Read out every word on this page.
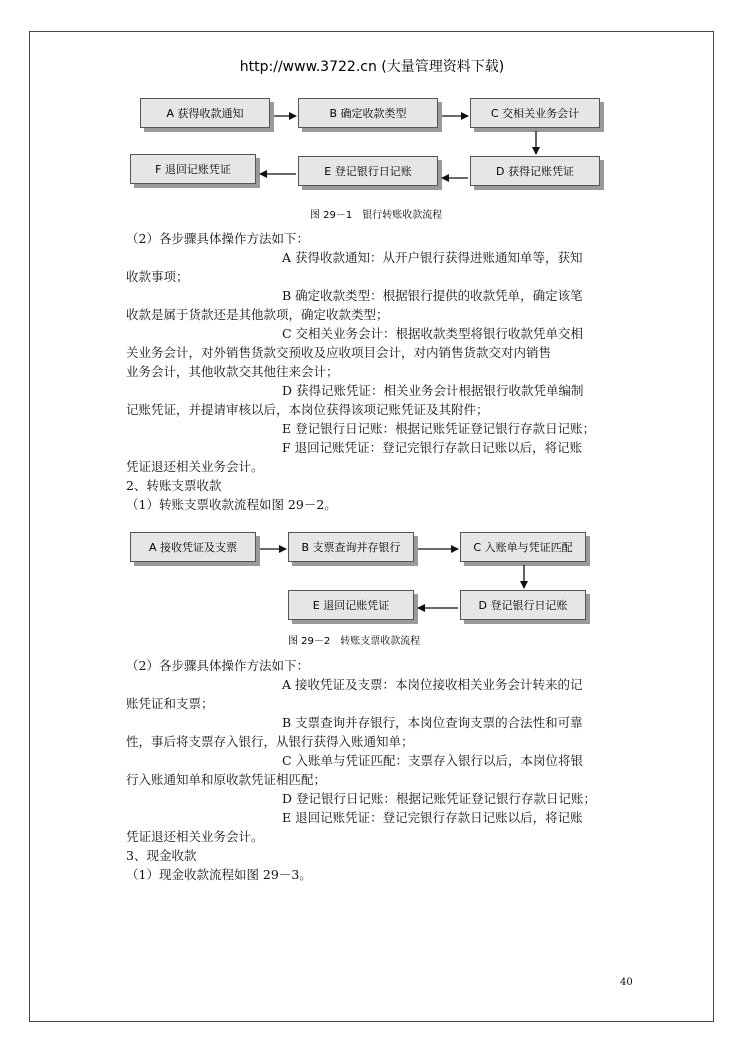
http://www.3722.cn (大量管理资料下载)
A 获得收款通知	B 确定收款类型	C 交相关业务会计
D 获得记账凭证
E 登记银行日记账
F 退回记账凭证
图 29－1　银行转账收款流程
A 接收凭证及支票	B 支票查询并存银行	C 入账单与凭证匹配
D 登记银行日记账
E 退回记账凭证
图 29－2　转账支票收款流程
（2）各步骤具体操作方法如下：
A 获得收款通知：从开户银行获得进账通知单等，获知
收款事项；
B 确定收款类型：根据银行提供的收款凭单，确定该笔
收款是属于货款还是其他款项，确定收款类型；
C 交相关业务会计：根据收款类型将银行收款凭单交相
关业务会计，对外销售货款交预收及应收项目会计，对内销售货款交对内销售
业务会计，其他收款交其他往来会计；
D 获得记账凭证：相关业务会计根据银行收款凭单编制
记账凭证，并提请审核以后，本岗位获得该项记账凭证及其附件；
E 登记银行日记账：根据记账凭证登记银行存款日记账；
F 退回记账凭证：登记完银行存款日记账以后，将记账
凭证退还相关业务会计。
2、转账支票收款
（1）转账支票收款流程如图 29－2。
（2）各步骤具体操作方法如下：
A 接收凭证及支票：本岗位接收相关业务会计转来的记
账凭证和支票；
B 支票查询并存银行，本岗位查询支票的合法性和可靠
性，事后将支票存入银行，从银行获得入账通知单；
C 入账单与凭证匹配：支票存入银行以后，本岗位将银
行入账通知单和原收款凭证相匹配；
D 登记银行日记账：根据记账凭证登记银行存款日记账；
E 退回记账凭证：登记完银行存款日记账以后，将记账
凭证退还相关业务会计。
3、现金收款
（1）现金收款流程如图 29－3。
40
